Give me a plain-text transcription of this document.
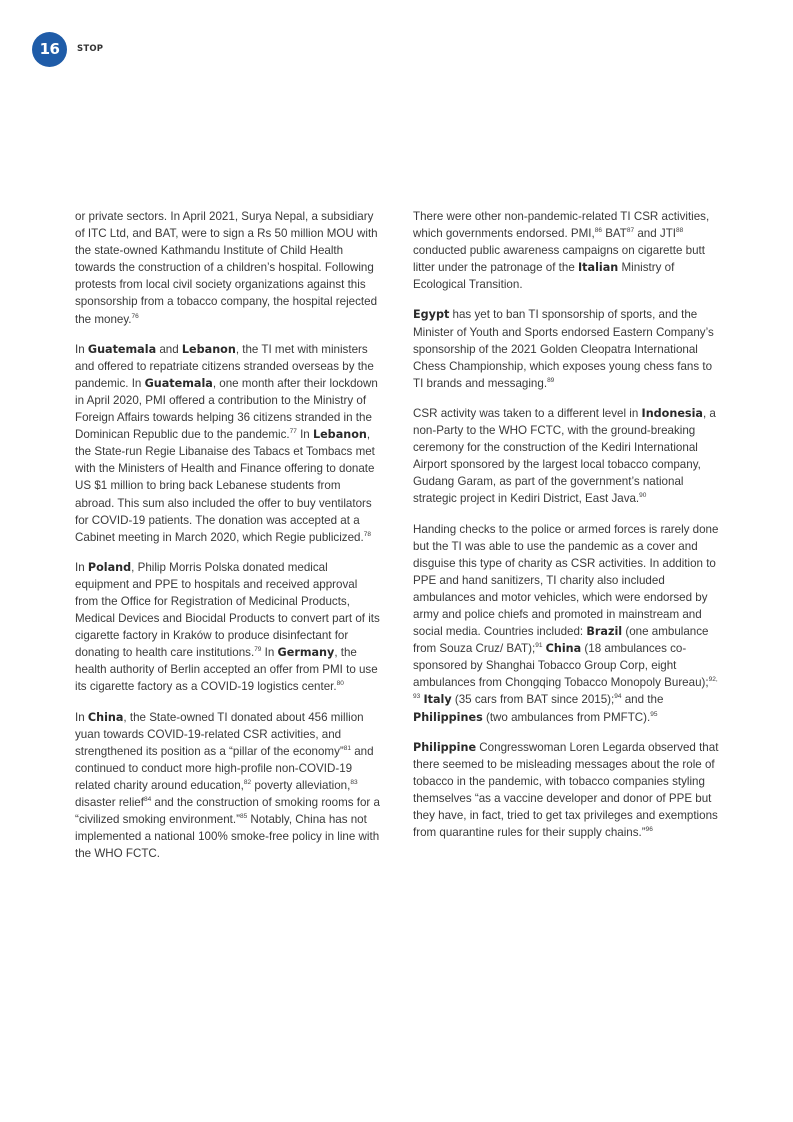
16	STOP

or private sectors. In April 2021, Surya Nepal, a subsidiary of ITC Ltd, and BAT, were to sign a Rs 50 million MOU with the state-owned Kathmandu Institute of Child Health towards the construction of a children’s hospital. Following protests from local civil society organizations against this sponsorship from a tobacco company, the hospital rejected the money.$^{76}$

In Guatemala and Lebanon, the TI met with ministers and offered to repatriate citizens stranded overseas by the pandemic. In Guatemala, one month after their lockdown in April 2020, PMI offered a contribution to the Ministry of Foreign Affairs towards helping 36 citizens stranded in the Dominican Republic due to the pandemic.$^{77}$ In Lebanon, the State-run Regie Libanaise des Tabacs et Tombacs met with the Ministers of Health and Finance offering to donate US $1 million to bring back Lebanese students from abroad. This sum also included the offer to buy ventilators for COVID-19 patients. The donation was accepted at a Cabinet meeting in March 2020, which Regie publicized.$^{78}$

In Poland, Philip Morris Polska donated medical equipment and PPE to hospitals and received approval from the Office for Registration of Medicinal Products, Medical Devices and Biocidal Products to convert part of its cigarette factory in Kraków to produce disinfectant for donating to health care institutions.$^{79}$ In Germany, the health authority of Berlin accepted an offer from PMI to use its cigarette factory as a COVID-19 logistics center.$^{80}$

In China, the State-owned TI donated about 456 million yuan towards COVID-19-related CSR activities, and strengthened its position as a “pillar of the economy”$^{81}$ and continued to conduct more high-profile non-COVID-19 related charity around education,$^{82}$ poverty alleviation,$^{83}$ disaster relief$^{84}$ and the construction of smoking rooms for a “civilized smoking environment.”$^{85}$ Notably, China has not implemented a national 100% smoke-free policy in line with the WHO FCTC.

There were other non-pandemic-related TI CSR activities, which governments endorsed. PMI,$^{86}$ BAT$^{87}$ and JTI$^{88}$ conducted public awareness campaigns on cigarette butt litter under the patronage of the Italian Ministry of Ecological Transition.

Egypt has yet to ban TI sponsorship of sports, and the Minister of Youth and Sports endorsed Eastern Company’s sponsorship of the 2021 Golden Cleopatra International Chess Championship, which exposes young chess fans to TI brands and messaging.$^{89}$

CSR activity was taken to a different level in Indonesia, a non-Party to the WHO FCTC, with the ground-breaking ceremony for the construction of the Kediri International Airport sponsored by the largest local tobacco company, Gudang Garam, as part of the government’s national strategic project in Kediri District, East Java.$^{90}$

Handing checks to the police or armed forces is rarely done but the TI was able to use the pandemic as a cover and disguise this type of charity as CSR activities. In addition to PPE and hand sanitizers, TI charity also included ambulances and motor vehicles, which were endorsed by army and police chiefs and promoted in mainstream and social media. Countries included: Brazil (one ambulance from Souza Cruz/ BAT);$^{91}$ China (18 ambulances co-sponsored by Shanghai Tobacco Group Corp, eight ambulances from Chongqing Tobacco Monopoly Bureau);$^{92, 93}$ Italy (35 cars from BAT since 2015);$^{94}$ and the Philippines (two ambulances from PMFTC).$^{95}$

Philippine Congresswoman Loren Legarda observed that there seemed to be misleading messages about the role of tobacco in the pandemic, with tobacco companies styling themselves “as a vaccine developer and donor of PPE but they have, in fact, tried to get tax privileges and exemptions from quarantine rules for their supply chains.”$^{96}$
